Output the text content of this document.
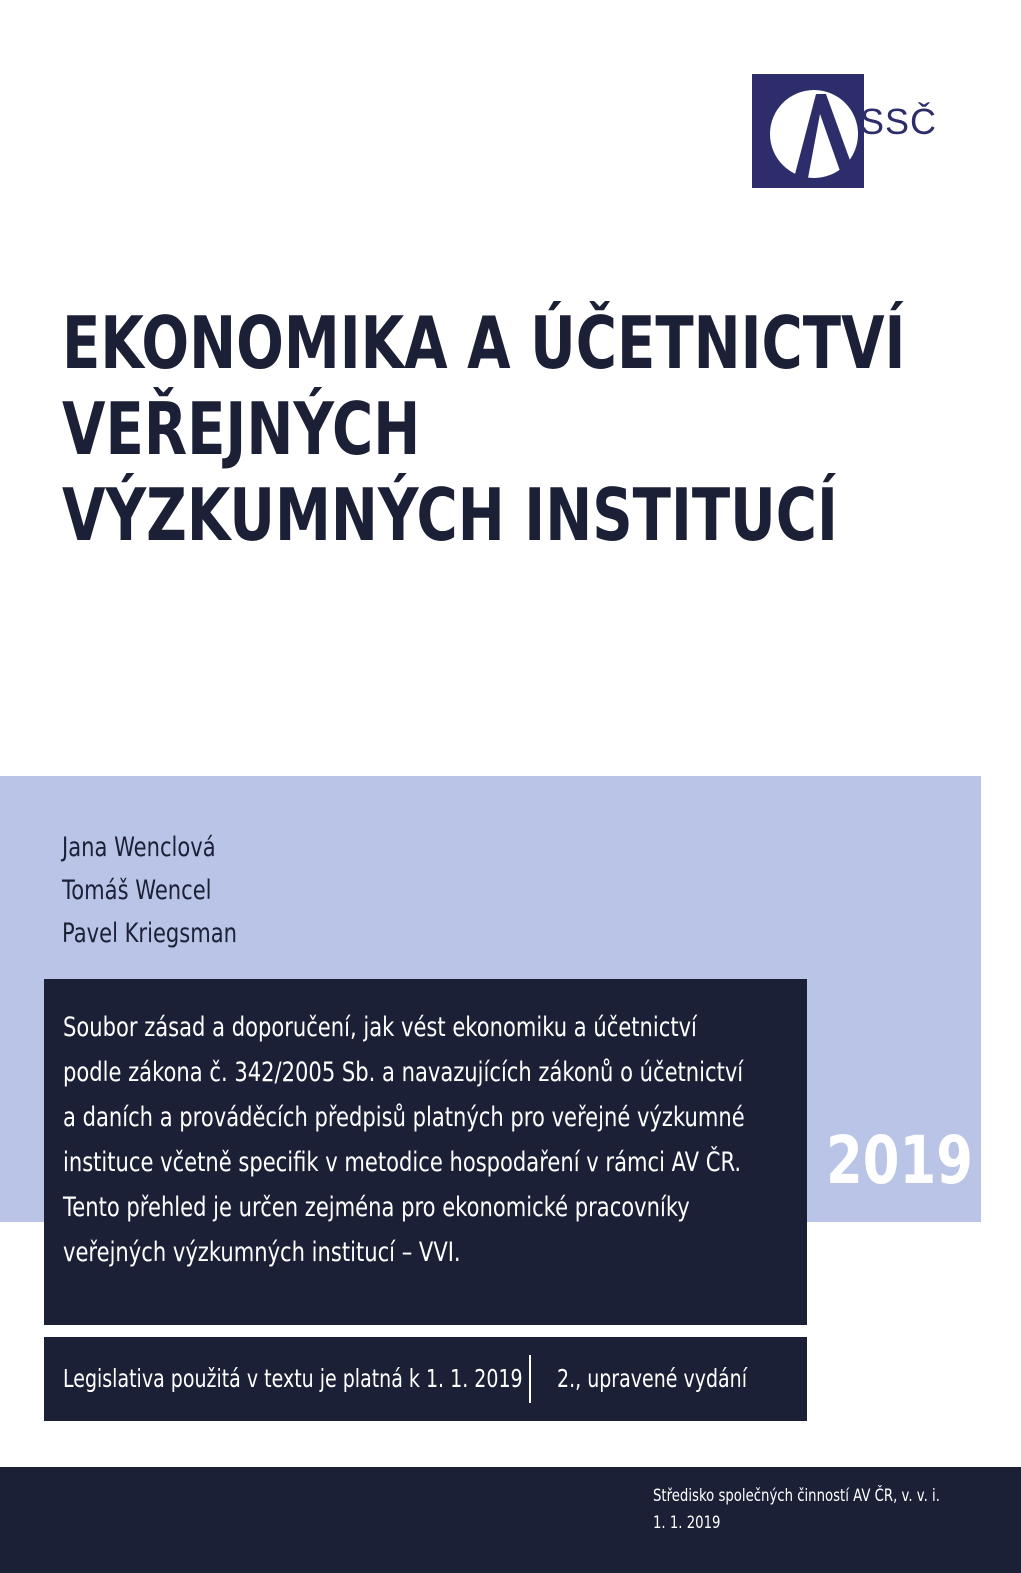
SSČ
EKONOMIKA A ÚČETNICTVÍ
VEŘEJNÝCH
VÝZKUMNÝCH INSTITUCÍ
Jana Wenclová
Tomáš Wencel
Pavel Kriegsman
2019
Soubor zásad a doporučení, jak vést ekonomiku a účetnictví
podle zákona č. 342/2005 Sb. a navazujících zákonů o účetnictví
a daních a prováděcích předpisů platných pro veřejné výzkumné
instituce včetně specifik v metodice hospodaření v rámci AV ČR.
Tento přehled je určen zejména pro ekonomické pracovníky
veřejných výzkumných institucí – VVI.
Legislativa použitá v textu je platná k 1. 1. 2019 2., upravené vydání
Středisko společných činností AV ČR, v. v. i.
1. 1. 2019
